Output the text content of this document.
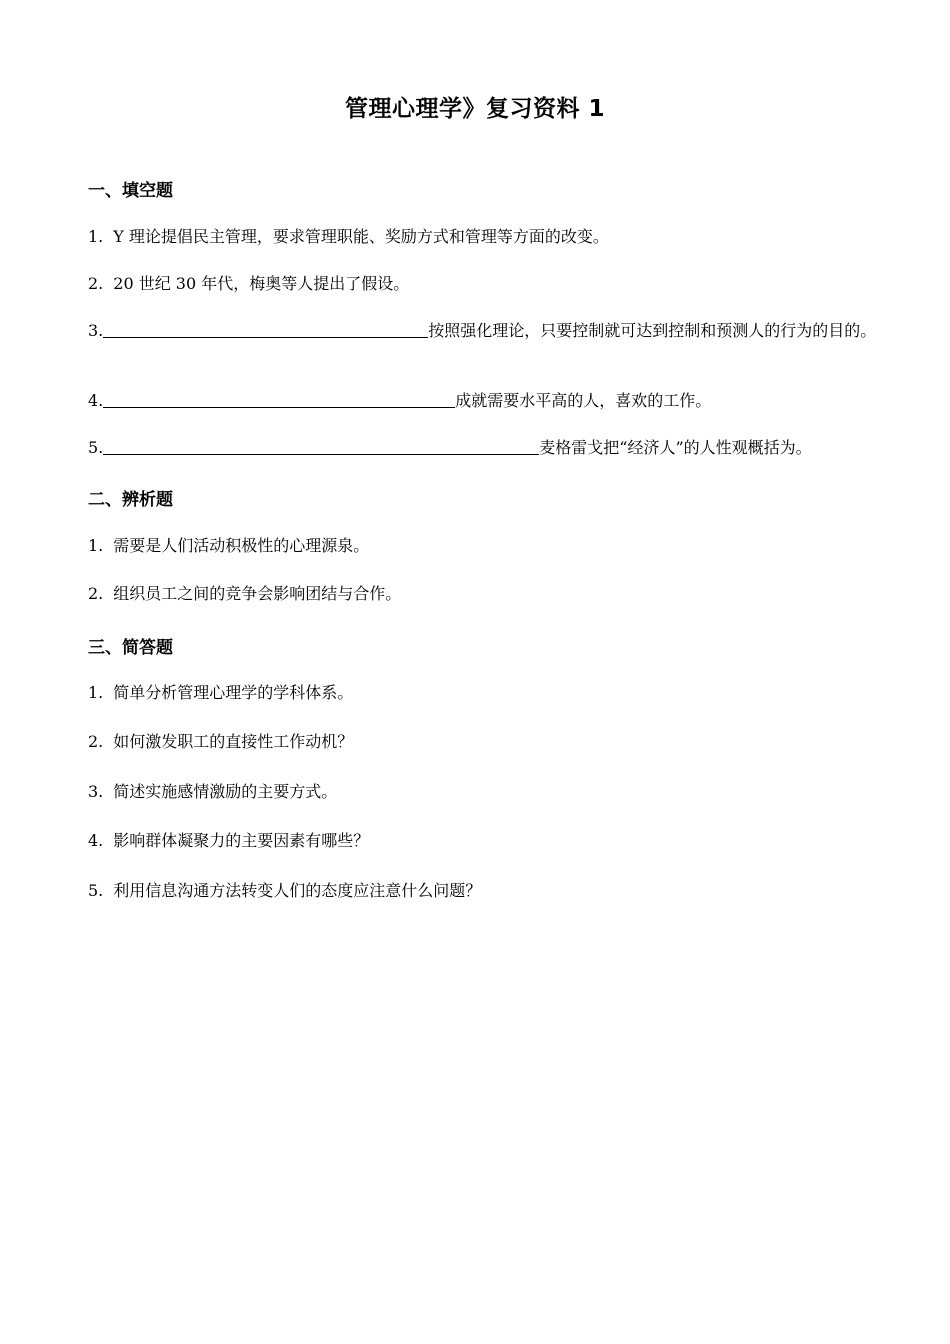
管理心理学》复习资料 1
一、填空题

1. Y 理论提倡民主管理，要求管理职能、奖励方式和管理等方面的改变。

2. 20 世纪 30 年代，梅奥等人提出了假设。

3.	按照强化理论，只要控制就可达到控制和预测人的行为的目的。

4.	成就需要水平高的人，喜欢的工作。

5.	麦格雷戈把“经济人”的人性观概括为。

二、辨析题

1. 需要是人们活动积极性的心理源泉。

2. 组织员工之间的竞争会影响团结与合作。

三、简答题

1. 简单分析管理心理学的学科体系。

2. 如何激发职工的直接性工作动机？

3. 简述实施感情激励的主要方式。

4. 影响群体凝聚力的主要因素有哪些？

5. 利用信息沟通方法转变人们的态度应注意什么问题？
